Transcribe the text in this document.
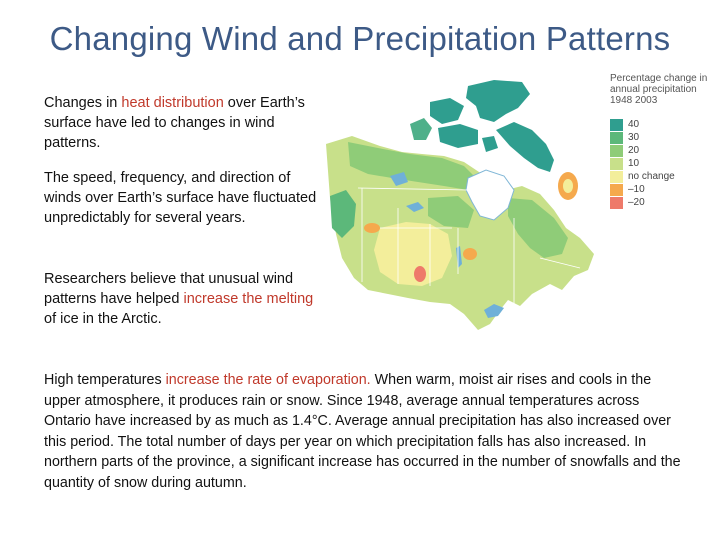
Changing Wind and Precipitation Patterns
Changes in heat distribution over Earth’s surface have led to changes in wind patterns.
The speed, frequency, and direction of winds over Earth’s surface have fluctuated unpredictably for several years.
Researchers believe that unusual wind patterns have helped increase the melting of ice in the Arctic.
High temperatures increase the rate of evaporation. When warm, moist air rises and cools in the upper atmosphere, it produces rain or snow. Since 1948, average annual temperatures across Ontario have increased by as much as 1.4°C. Average annual precipitation has also increased over this period. The total number of days per year on which precipitation falls has also increased. In northern parts of the province, a significant increase has occurred in the number of snowfalls and the quantity of snow during autumn.
Percentage change in
annual precipitation
1948 2003
40
30
20
10
no change
–10
–20
